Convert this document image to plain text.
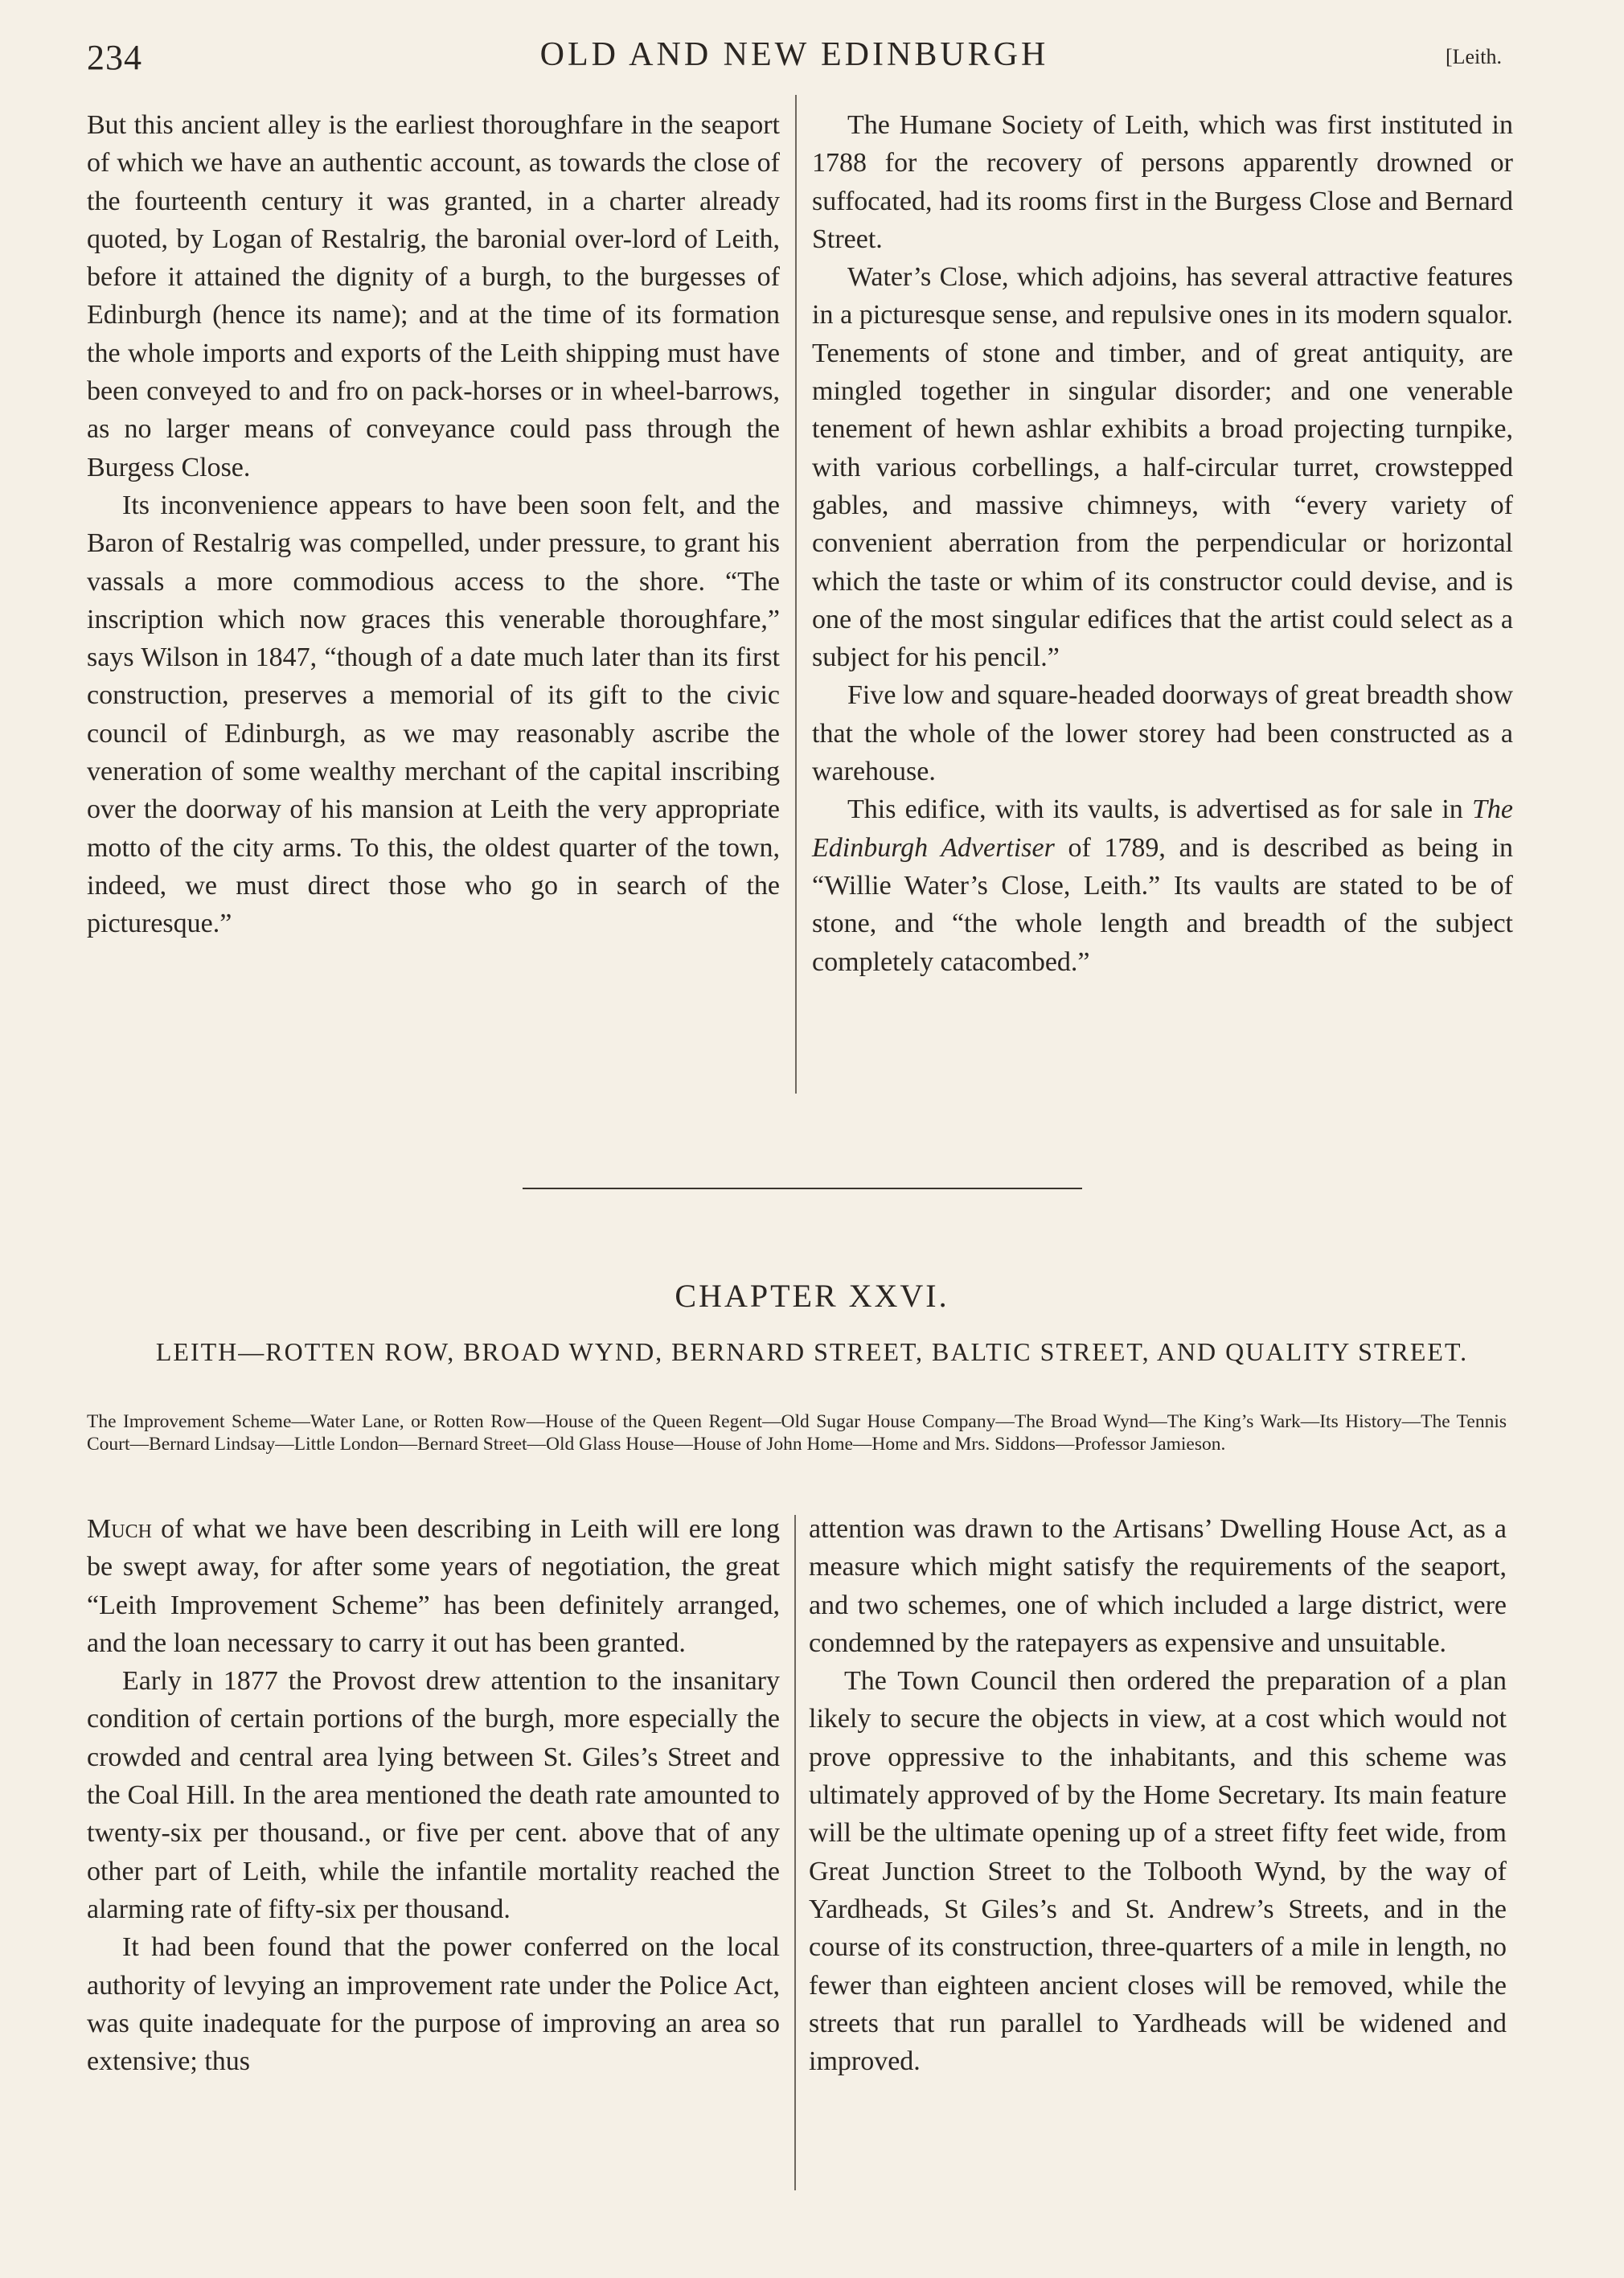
234	OLD AND NEW EDINBURGH	[Leith.

But this ancient alley is the earliest thoroughfare in the seaport of which we have an authentic account, as towards the close of the fourteenth century it was granted, in a charter already quoted, by Logan of Restalrig, the baronial over-lord of Leith, before it attained the dignity of a burgh, to the burgesses of Edinburgh (hence its name); and at the time of its formation the whole imports and exports of the Leith shipping must have been conveyed to and fro on pack-horses or in wheel-barrows, as no larger means of conveyance could pass through the Burgess Close.

Its inconvenience appears to have been soon felt, and the Baron of Restalrig was compelled, under pressure, to grant his vassals a more commodious access to the shore. “The inscription which now graces this venerable thoroughfare,” says Wilson in 1847, “though of a date much later than its first construction, preserves a memorial of its gift to the civic council of Edinburgh, as we may reasonably ascribe the veneration of some wealthy merchant of the capital inscribing over the doorway of his mansion at Leith the very appropriate motto of the city arms. To this, the oldest quarter of the town, indeed, we must direct those who go in search of the picturesque.”

The Humane Society of Leith, which was first instituted in 1788 for the recovery of persons apparently drowned or suffocated, had its rooms first in the Burgess Close and Bernard Street.

Water’s Close, which adjoins, has several attractive features in a picturesque sense, and repulsive ones in its modern squalor. Tenements of stone and timber, and of great antiquity, are mingled together in singular disorder; and one venerable tenement of hewn ashlar exhibits a broad projecting turnpike, with various corbellings, a half-circular turret, crowstepped gables, and massive chimneys, with “every variety of convenient aberration from the perpendicular or horizontal which the taste or whim of its constructor could devise, and is one of the most singular edifices that the artist could select as a subject for his pencil.”

Five low and square-headed doorways of great breadth show that the whole of the lower storey had been constructed as a warehouse.

This edifice, with its vaults, is advertised as for sale in The Edinburgh Advertiser of 1789, and is described as being in “Willie Water’s Close, Leith.” Its vaults are stated to be of stone, and “the whole length and breadth of the subject completely catacombed.”

CHAPTER XXVI.
LEITH—ROTTEN ROW, BROAD WYND, BERNARD STREET, BALTIC STREET, AND QUALITY STREET.
The Improvement Scheme—Water Lane, or Rotten Row—House of the Queen Regent—Old Sugar House Company—The Broad Wynd—The King’s Wark—Its History—The Tennis Court—Bernard Lindsay—Little London—Bernard Street—Old Glass House—House of John Home—Home and Mrs. Siddons—Professor Jamieson.

Much of what we have been describing in Leith will ere long be swept away, for after some years of negotiation, the great “Leith Improvement Scheme” has been definitely arranged, and the loan necessary to carry it out has been granted.

Early in 1877 the Provost drew attention to the insanitary condition of certain portions of the burgh, more especially the crowded and central area lying between St. Giles’s Street and the Coal Hill. In the area mentioned the death rate amounted to twenty-six per thousand., or five per cent. above that of any other part of Leith, while the infantile mortality reached the alarming rate of fifty-six per thousand.

It had been found that the power conferred on the local authority of levying an improvement rate under the Police Act, was quite inadequate for the purpose of improving an area so extensive; thus

attention was drawn to the Artisans’ Dwelling House Act, as a measure which might satisfy the requirements of the seaport, and two schemes, one of which included a large district, were condemned by the ratepayers as expensive and unsuitable.

The Town Council then ordered the preparation of a plan likely to secure the objects in view, at a cost which would not prove oppressive to the inhabitants, and this scheme was ultimately approved of by the Home Secretary. Its main feature will be the ultimate opening up of a street fifty feet wide, from Great Junction Street to the Tolbooth Wynd, by the way of Yardheads, St Giles’s and St. Andrew’s Streets, and in the course of its construction, three-quarters of a mile in length, no fewer than eighteen ancient closes will be removed, while the streets that run parallel to Yardheads will be widened and improved.
